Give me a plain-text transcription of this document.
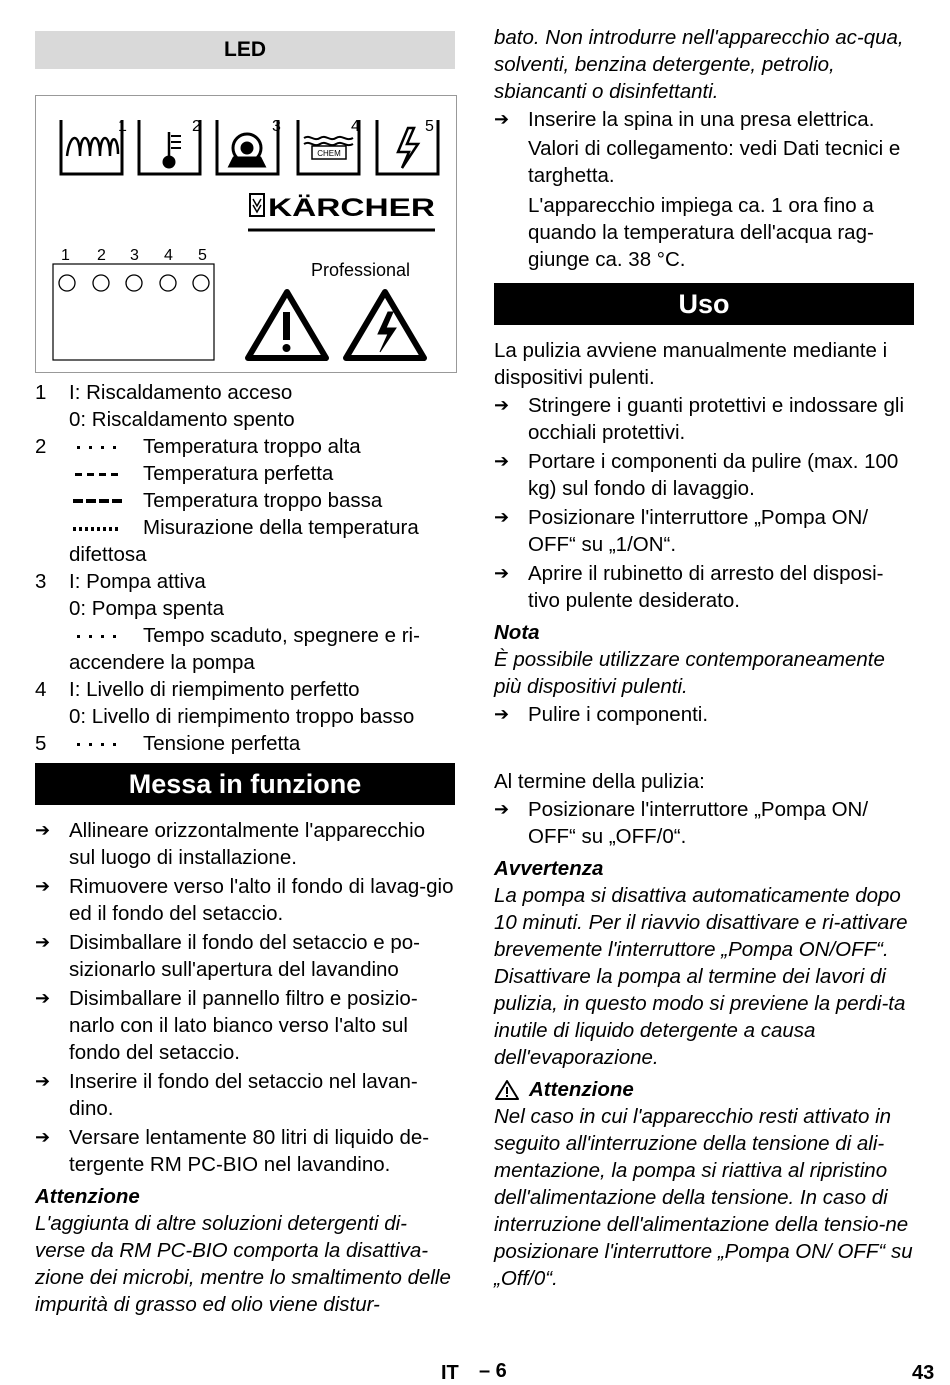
LED
1	2	3	4	5
CHEM
KÄRCHER
1 2 3 4 5
Professional
1	I: Riscaldamento acceso
0: Riscaldamento spento
2	Temperatura troppo alta
Temperatura perfetta
Temperatura troppo bassa
Misurazione della temperatura
difettosa
3	I: Pompa attiva
0: Pompa spenta
Tempo scaduto, spegnere e ri-
accendere la pompa
4	I: Livello di riempimento perfetto
0: Livello di riempimento troppo basso
5	Tensione perfetta
Messa in funzione
➔ Allineare orizzontalmente l'apparecchio sul luogo di installazione.
➔ Rimuovere verso l'alto il fondo di lavag-gio ed il fondo del setaccio.
➔ Disimballare il fondo del setaccio e po-sizionarlo sull'apertura del lavandino
➔ Disimballare il pannello filtro e posizio-narlo con il lato bianco verso l'alto sul fondo del setaccio.
➔ Inserire il fondo del setaccio nel lavan-dino.
➔ Versare lentamente 80 litri di liquido de-tergente RM PC-BIO nel lavandino.
Attenzione
L'aggiunta di altre soluzioni detergenti di-verse da RM PC-BIO comporta la disattiva-zione dei microbi, mentre lo smaltimento delle impurità di grasso ed olio viene distur-
bato. Non introdurre nell'apparecchio ac-qua, solventi, benzina detergente, petrolio, sbiancanti o disinfettanti.
➔ Inserire la spina in una presa elettrica.
Valori di collegamento: vedi Dati tecnici e targhetta.
L'apparecchio impiega ca. 1 ora fino a quando la temperatura dell'acqua rag-giunge ca. 38 °C.
Uso
La pulizia avviene manualmente mediante i dispositivi pulenti.
➔ Stringere i guanti protettivi e indossare gli occhiali protettivi.
➔ Portare i componenti da pulire (max. 100 kg) sul fondo di lavaggio.
➔ Posizionare l'interruttore „Pompa ON/ OFF“ su „1/ON“.
➔ Aprire il rubinetto di arresto del disposi-tivo pulente desiderato.
Nota
È possibile utilizzare contemporaneamente più dispositivi pulenti.
➔ Pulire i componenti.
Al termine della pulizia:
➔ Posizionare l'interruttore „Pompa ON/ OFF“ su „OFF/0“.
Avvertenza
La pompa si disattiva automaticamente dopo 10 minuti. Per il riavvio disattivare e ri-attivare brevemente l'interruttore „Pompa ON/OFF“.
Disattivare la pompa al termine dei lavori di pulizia, in questo modo si previene la perdi-ta inutile di liquido detergente a causa dell'evaporazione.
Attenzione
Nel caso in cui l'apparecchio resti attivato in seguito all'interruzione della tensione di ali-mentazione, la pompa si riattiva al ripristino dell'alimentazione della tensione. In caso di interruzione dell'alimentazione della tensio-ne posizionare l'interruttore „Pompa ON/ OFF“ su „Off/0“.
IT – 6	43
